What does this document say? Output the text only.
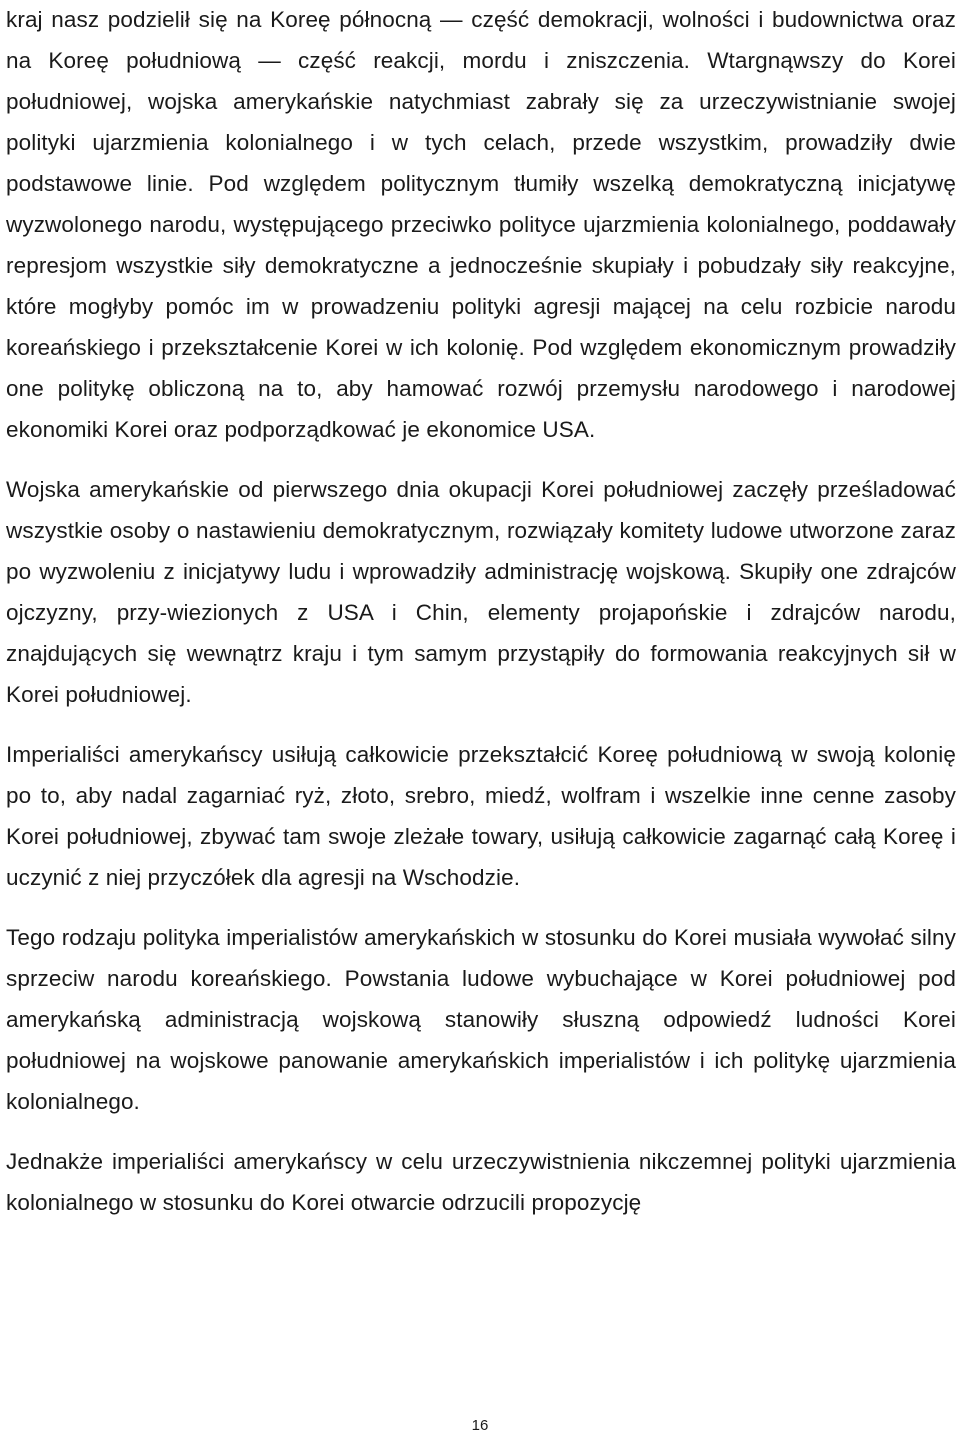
kraj nasz podzielił się na Koreę północną — część demokracji, wolności i budownictwa oraz na Koreę południową — część reakcji, mordu i zniszczenia. Wtargnąwszy do Korei południowej, wojska amerykańskie natychmiast zabrały się za urzeczywistnianie swojej polityki ujarzmienia kolonialnego i w tych celach, przede wszystkim, prowadziły dwie podstawowe linie. Pod względem politycznym tłumiły wszelką demokratyczną inicjatywę wyzwolonego narodu, występującego przeciwko polityce ujarzmienia kolonialnego, poddawały represjom wszystkie siły demokratyczne a jednocześnie skupiały i pobudzały siły reakcyjne, które mogłyby pomóc im w prowadzeniu polityki agresji mającej na celu rozbicie narodu koreańskiego i przekształcenie Korei w ich kolonię. Pod względem ekonomicznym prowadziły one politykę obliczoną na to, aby hamować rozwój przemysłu narodowego i narodowej ekonomiki Korei oraz podporządkować je ekonomice USA.

Wojska amerykańskie od pierwszego dnia okupacji Korei południowej zaczęły prześladować wszystkie osoby o nastawieniu demokratycznym, rozwiązały komitety ludowe utworzone zaraz po wyzwoleniu z inicjatywy ludu i wprowadziły administrację wojskową. Skupiły one zdrajców ojczyzny, przy-wiezionych z USA i Chin, elementy projapońskie i zdrajców narodu, znajdujących się wewnątrz kraju i tym samym przystąpiły do formowania reakcyjnych sił w Korei południowej.

Imperialiści amerykańscy usiłują całkowicie przekształcić Koreę południową w swoją kolonię po to, aby nadal zagarniać ryż, złoto, srebro, miedź, wolfram i wszelkie inne cenne zasoby Korei południowej, zbywać tam swoje zleżałe towary, usiłują całkowicie zagarnąć całą Koreę i uczynić z niej przyczółek dla agresji na Wschodzie.

Tego rodzaju polityka imperialistów amerykańskich w stosunku do Korei musiała wywołać silny sprzeciw narodu koreańskiego. Powstania ludowe wybuchające w Korei południowej pod amerykańską administracją wojskową stanowiły słuszną odpowiedź ludności Korei południowej na wojskowe panowanie amerykańskich imperialistów i ich politykę ujarzmienia kolonialnego.

Jednakże imperialiści amerykańscy w celu urzeczywistnienia nikczemnej polityki ujarzmienia kolonialnego w stosunku do Korei otwarcie odrzucili propozycję

16
